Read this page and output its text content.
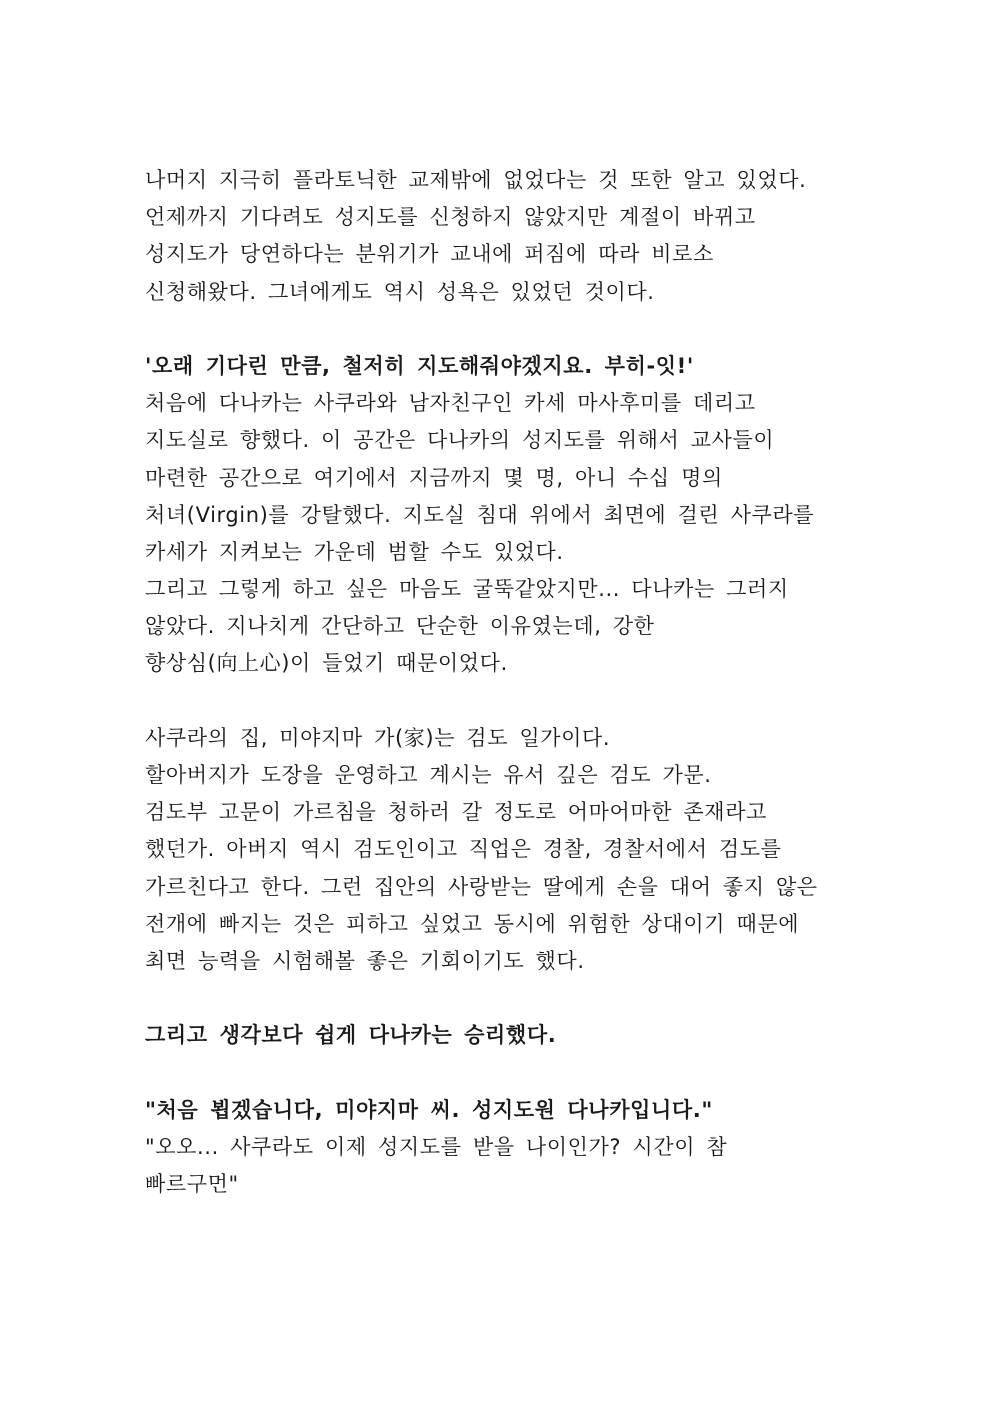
나머지 지극히 플라토닉한 교제밖에 없었다는 것 또한 알고 있었다.
언제까지 기다려도 성지도를 신청하지 않았지만 계절이 바뀌고
성지도가 당연하다는 분위기가 교내에 퍼짐에 따라 비로소
신청해왔다. 그녀에게도 역시 성욕은 있었던 것이다.
'오래 기다린 만큼, 철저히 지도해줘야겠지요. 부히-잇!'
처음에 다나카는 사쿠라와 남자친구인 카세 마사후미를 데리고
지도실로 향했다. 이 공간은 다나카의 성지도를 위해서 교사들이
마련한 공간으로 여기에서 지금까지 몇 명, 아니 수십 명의
처녀(Virgin)를 강탈했다. 지도실 침대 위에서 최면에 걸린 사쿠라를
카세가 지켜보는 가운데 범할 수도 있었다.
그리고 그렇게 하고 싶은 마음도 굴뚝같았지만... 다나카는 그러지
않았다. 지나치게 간단하고 단순한 이유였는데, 강한
향상심(向上心)이 들었기 때문이었다.
사쿠라의 집, 미야지마 가(家)는 검도 일가이다.
할아버지가 도장을 운영하고 계시는 유서 깊은 검도 가문.
검도부 고문이 가르침을 청하러 갈 정도로 어마어마한 존재라고
했던가. 아버지 역시 검도인이고 직업은 경찰, 경찰서에서 검도를
가르친다고 한다. 그런 집안의 사랑받는 딸에게 손을 대어 좋지 않은
전개에 빠지는 것은 피하고 싶었고 동시에 위험한 상대이기 때문에
최면 능력을 시험해볼 좋은 기회이기도 했다.
그리고 생각보다 쉽게 다나카는 승리했다.
"처음 뵙겠습니다, 미야지마 씨. 성지도원 다나카입니다."
"오오... 사쿠라도 이제 성지도를 받을 나이인가? 시간이 참
빠르구먼"
